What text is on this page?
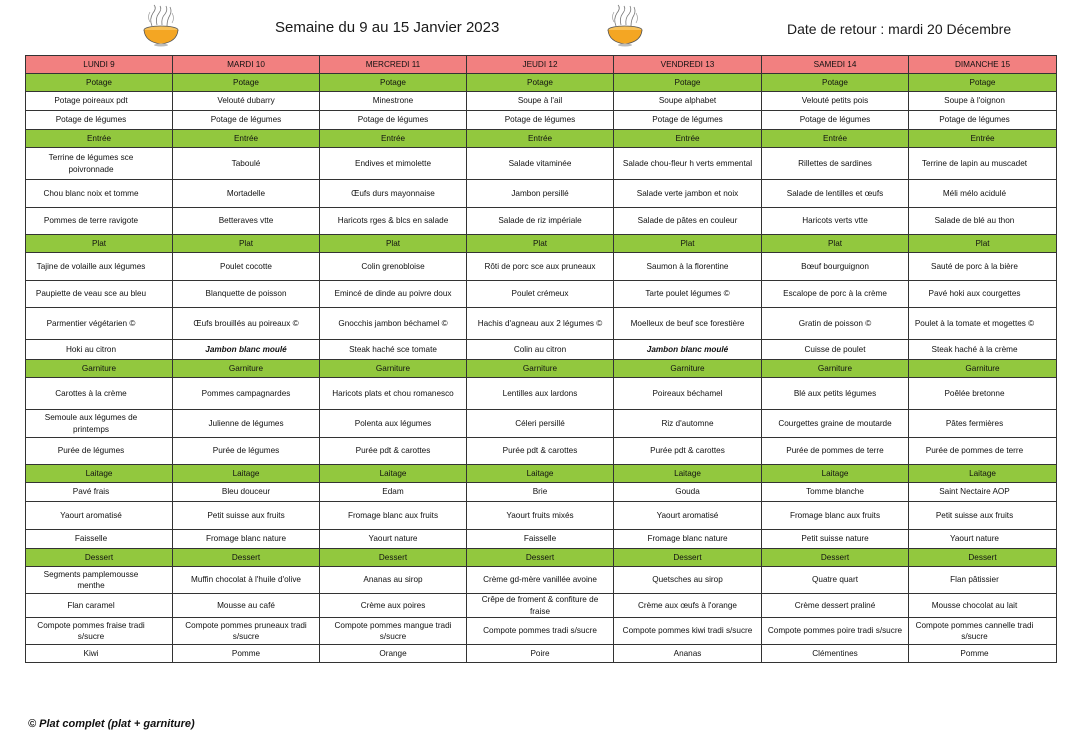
Semaine du 9 au 15 Janvier 2023	Date de retour : mardi 20 Décembre
LUNDI 9	MARDI 10	MERCREDI 11	JEUDI 12	VENDREDI 13	SAMEDI 14	DIMANCHE 15
Potage	Potage	Potage	Potage	Potage	Potage	Potage
Potage poireaux pdt	Velouté dubarry	Minestrone	Soupe à l'ail	Soupe alphabet	Velouté petits pois	Soupe à l'oignon
Potage de légumes	Potage de légumes	Potage de légumes	Potage de légumes	Potage de légumes	Potage de légumes	Potage de légumes
Entrée	Entrée	Entrée	Entrée	Entrée	Entrée	Entrée
Terrine de légumes sce poivronnade	Taboulé	Endives et mimolette	Salade vitaminée	Salade chou-fleur h verts emmental	Rillettes de sardines	Terrine de lapin au muscadet
Chou blanc noix et tomme	Mortadelle	Œufs durs mayonnaise	Jambon persillé	Salade verte jambon et noix	Salade de lentilles et œufs	Méli mélo acidulé
Pommes de terre ravigote	Betteraves vtte	Haricots rges & blcs en salade	Salade de riz impériale	Salade de pâtes en couleur	Haricots verts vtte	Salade de blé au thon
Plat	Plat	Plat	Plat	Plat	Plat	Plat
Tajine de volaille aux légumes	Poulet cocotte	Colin grenobloise	Rôti de porc sce aux pruneaux	Saumon à la florentine	Bœuf bourguignon	Sauté de porc à la bière
Paupiette de veau sce au bleu	Blanquette de poisson	Emincé de dinde au poivre doux	Poulet crémeux	Tarte poulet légumes ©	Escalope de porc à la crème	Pavé hoki aux courgettes
Parmentier végétarien ©	Œufs brouillés au poireaux ©	Gnocchis jambon béchamel ©	Hachis d'agneau aux 2 légumes ©	Moelleux de beuf sce forestière	Gratin de poisson ©	Poulet à la tomate et mogettes ©
Hoki au citron	Jambon blanc moulé	Steak haché sce tomate	Colin au citron	Jambon blanc moulé	Cuisse de poulet	Steak haché à la crème
Garniture	Garniture	Garniture	Garniture	Garniture	Garniture	Garniture
Carottes à la crème	Pommes campagnardes	Haricots plats et chou romanesco	Lentilles aux lardons	Poireaux béchamel	Blé aux petits légumes	Poêlée bretonne
Semoule aux légumes de printemps	Julienne de légumes	Polenta aux légumes	Céleri persillé	Riz d'automne	Courgettes graine de moutarde	Pâtes fermières
Purée de légumes	Purée de légumes	Purée pdt & carottes	Purée pdt & carottes	Purée pdt & carottes	Purée de pommes de terre	Purée de pommes de terre
Laitage	Laitage	Laitage	Laitage	Laitage	Laitage	Laitage
Pavé frais	Bleu douceur	Edam	Brie	Gouda	Tomme blanche	Saint Nectaire AOP
Yaourt aromatisé	Petit suisse aux fruits	Fromage blanc aux fruits	Yaourt fruits mixés	Yaourt aromatisé	Fromage blanc aux fruits	Petit suisse aux fruits
Faisselle	Fromage blanc nature	Yaourt nature	Faisselle	Fromage blanc nature	Petit suisse nature	Yaourt nature
Dessert	Dessert	Dessert	Dessert	Dessert	Dessert	Dessert
Segments pamplemousse menthe	Muffin chocolat à l'huile d'olive	Ananas au sirop	Crème gd-mère vanillée avoine	Quetsches au sirop	Quatre quart	Flan pâtissier
Flan caramel	Mousse au café	Crème aux poires	Crêpe de froment & confiture de fraise	Crème aux œufs à l'orange	Crème dessert praliné	Mousse chocolat au lait
Compote pommes fraise tradi s/sucre	Compote pommes pruneaux tradi s/sucre	Compote pommes mangue tradi s/sucre	Compote pommes tradi s/sucre	Compote pommes kiwi tradi s/sucre	Compote pommes poire tradi s/sucre	Compote pommes cannelle tradi s/sucre
Kiwi	Pomme	Orange	Poire	Ananas	Clémentines	Pomme
© Plat complet (plat + garniture)
